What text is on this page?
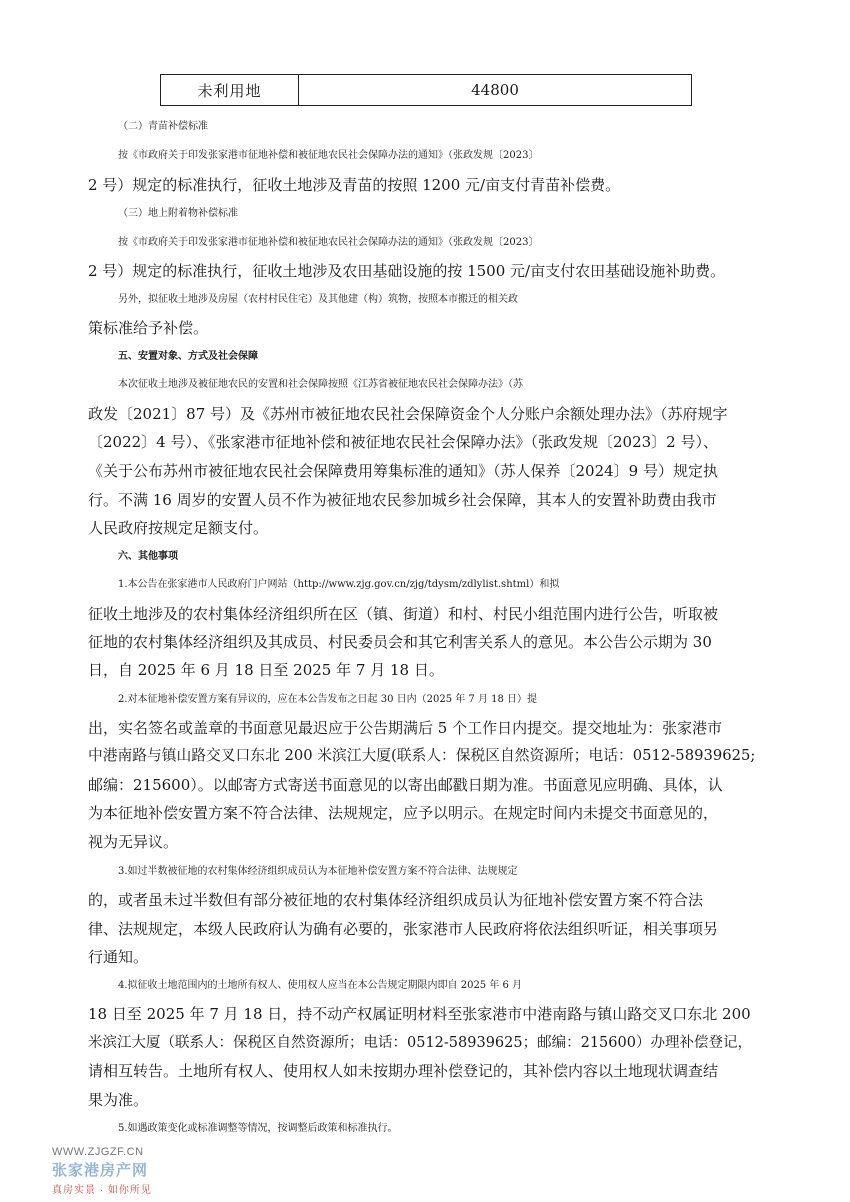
未利用地	44800

（二）青苗补偿标准

按《市政府关于印发张家港市征地补偿和被征地农民社会保障办法的通知》（张政发规〔2023〕

2 号）规定的标准执行，征收土地涉及青苗的按照 1200 元/亩支付青苗补偿费。

（三）地上附着物补偿标准

按《市政府关于印发张家港市征地补偿和被征地农民社会保障办法的通知》（张政发规〔2023〕

2 号）规定的标准执行，征收土地涉及农田基础设施的按 1500 元/亩支付农田基础设施补助费。

另外，拟征收土地涉及房屋（农村村民住宅）及其他建（构）筑物，按照本市搬迁的相关政

策标准给予补偿。

五、安置对象、方式及社会保障

本次征收土地涉及被征地农民的安置和社会保障按照《江苏省被征地农民社会保障办法》（苏

政发〔2021〕87 号）及《苏州市被征地农民社会保障资金个人分账户余额处理办法》（苏府规字

〔2022〕4 号）、《张家港市征地补偿和被征地农民社会保障办法》（张政发规〔2023〕2 号）、

《关于公布苏州市被征地农民社会保障费用筹集标准的通知》（苏人保养〔2024〕9 号）规定执

行。不满 16 周岁的安置人员不作为被征地农民参加城乡社会保障，其本人的安置补助费由我市

人民政府按规定足额支付。

六、其他事项

1.本公告在张家港市人民政府门户网站（http://www.zjg.gov.cn/zjg/tdysm/zdlylist.shtml）和拟

征收土地涉及的农村集体经济组织所在区（镇、街道）和村、村民小组范围内进行公告，听取被

征地的农村集体经济组织及其成员、村民委员会和其它利害关系人的意见。本公告公示期为 30

日，自 2025 年 6 月 18 日至 2025 年 7 月 18 日。

2.对本征地补偿安置方案有异议的，应在本公告发布之日起 30 日内（2025 年 7 月 18 日）提

出，实名签名或盖章的书面意见最迟应于公告期满后 5 个工作日内提交。提交地址为：张家港市

中港南路与镇山路交叉口东北 200 米滨江大厦(联系人：保税区自然资源所；电话：0512-58939625;

邮编：215600）。以邮寄方式寄送书面意见的以寄出邮戳日期为准。书面意见应明确、具体，认

为本征地补偿安置方案不符合法律、法规规定，应予以明示。在规定时间内未提交书面意见的，

视为无异议。

3.如过半数被征地的农村集体经济组织成员认为本征地补偿安置方案不符合法律、法规规定

的，或者虽未过半数但有部分被征地的农村集体经济组织成员认为征地补偿安置方案不符合法

律、法规规定，本级人民政府认为确有必要的，张家港市人民政府将依法组织听证，相关事项另

行通知。

4.拟征收土地范围内的土地所有权人、使用权人应当在本公告规定期限内即自 2025 年 6 月

18 日至 2025 年 7 月 18 日，持不动产权属证明材料至张家港市中港南路与镇山路交叉口东北 200

米滨江大厦（联系人：保税区自然资源所；电话：0512-58939625；邮编：215600）办理补偿登记，

请相互转告。土地所有权人、使用权人如未按期办理补偿登记的，其补偿内容以土地现状调查结

果为准。

5.如遇政策变化或标准调整等情况，按调整后政策和标准执行。

WWW.ZJGZF.CN
张家港房产网
真房实景 · 如你所见
